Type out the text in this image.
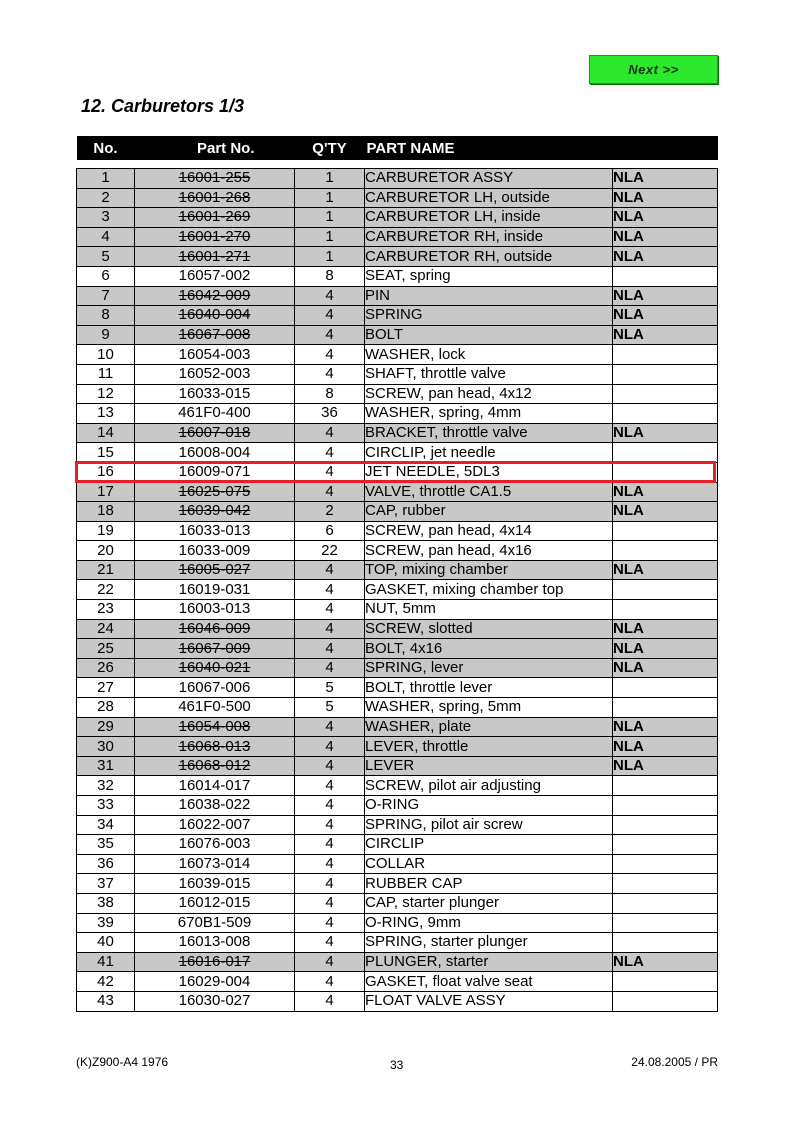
Next >>
12. Carburetors 1/3
No.	Part No.	Q'TY	PART NAME	

1	16001-255	1	CARBURETOR ASSY	NLA
2	16001-268	1	CARBURETOR LH, outside	NLA
3	16001-269	1	CARBURETOR LH, inside	NLA
4	16001-270	1	CARBURETOR RH, inside	NLA
5	16001-271	1	CARBURETOR RH, outside	NLA
6	16057-002	8	SEAT, spring	
7	16042-009	4	PIN	NLA
8	16040-004	4	SPRING	NLA
9	16067-008	4	BOLT	NLA
10	16054-003	4	WASHER, lock	
11	16052-003	4	SHAFT, throttle valve	
12	16033-015	8	SCREW, pan head, 4x12	
13	461F0-400	36	WASHER, spring, 4mm	
14	16007-018	4	BRACKET, throttle valve	NLA
15	16008-004	4	CIRCLIP, jet needle	
16	16009-071	4	JET NEEDLE, 5DL3	
17	16025-075	4	VALVE, throttle CA1.5	NLA
18	16039-042	2	CAP, rubber	NLA
19	16033-013	6	SCREW, pan head, 4x14	
20	16033-009	22	SCREW, pan head, 4x16	
21	16005-027	4	TOP, mixing chamber	NLA
22	16019-031	4	GASKET, mixing chamber top	
23	16003-013	4	NUT, 5mm	
24	16046-009	4	SCREW, slotted	NLA
25	16067-009	4	BOLT, 4x16	NLA
26	16040-021	4	SPRING, lever	NLA
27	16067-006	5	BOLT, throttle lever	
28	461F0-500	5	WASHER, spring, 5mm	
29	16054-008	4	WASHER, plate	NLA
30	16068-013	4	LEVER, throttle	NLA
31	16068-012	4	LEVER	NLA
32	16014-017	4	SCREW, pilot air adjusting	
33	16038-022	4	O-RING	
34	16022-007	4	SPRING, pilot air screw	
35	16076-003	4	CIRCLIP	
36	16073-014	4	COLLAR	
37	16039-015	4	RUBBER CAP	
38	16012-015	4	CAP, starter plunger	
39	670B1-509	4	O-RING, 9mm	
40	16013-008	4	SPRING, starter plunger	
41	16016-017	4	PLUNGER, starter	NLA
42	16029-004	4	GASKET, float valve seat	
43	16030-027	4	FLOAT VALVE ASSY	
(K)Z900-A4 1976	33	24.08.2005 / PR
